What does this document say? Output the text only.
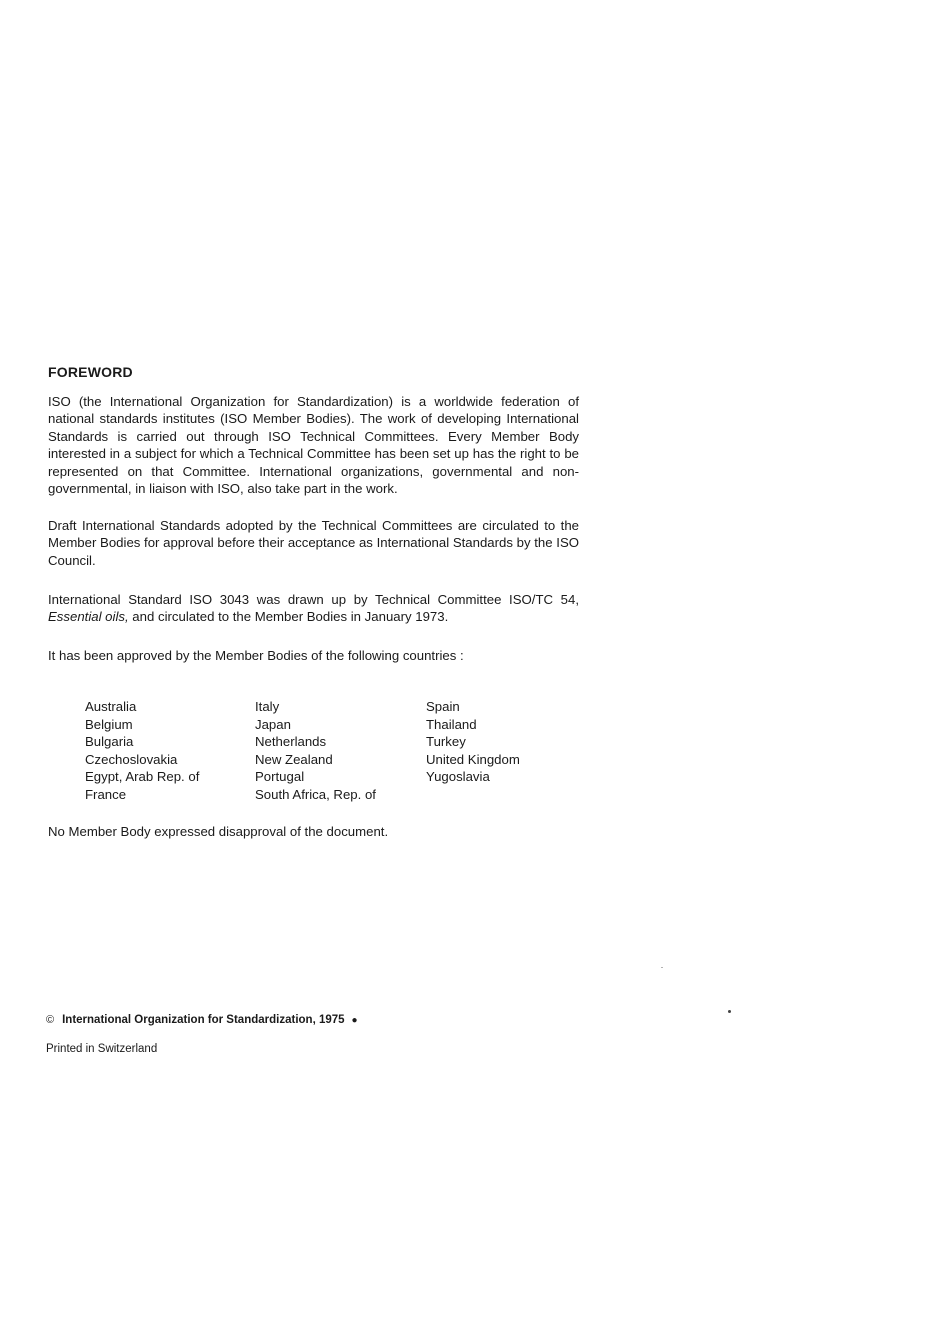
FOREWORD

ISO (the International Organization for Standardization) is a worldwide federation of national standards institutes (ISO Member Bodies). The work of developing International Standards is carried out through ISO Technical Committees. Every Member Body interested in a subject for which a Technical Committee has been set up has the right to be represented on that Committee. International organizations, governmental and non-governmental, in liaison with ISO, also take part in the work.

Draft International Standards adopted by the Technical Committees are circulated to the Member Bodies for approval before their acceptance as International Standards by the ISO Council.

International Standard ISO 3043 was drawn up by Technical Committee ISO/TC 54, Essential oils, and circulated to the Member Bodies in January 1973.

It has been approved by the Member Bodies of the following countries :

Australia
Belgium
Bulgaria
Czechoslovakia
Egypt, Arab Rep. of
France
Italy
Japan
Netherlands
New Zealand
Portugal
South Africa, Rep. of
Spain
Thailand
Turkey
United Kingdom
Yugoslavia

No Member Body expressed disapproval of the document.

© International Organization for Standardization, 1975 ●
Printed in Switzerland
